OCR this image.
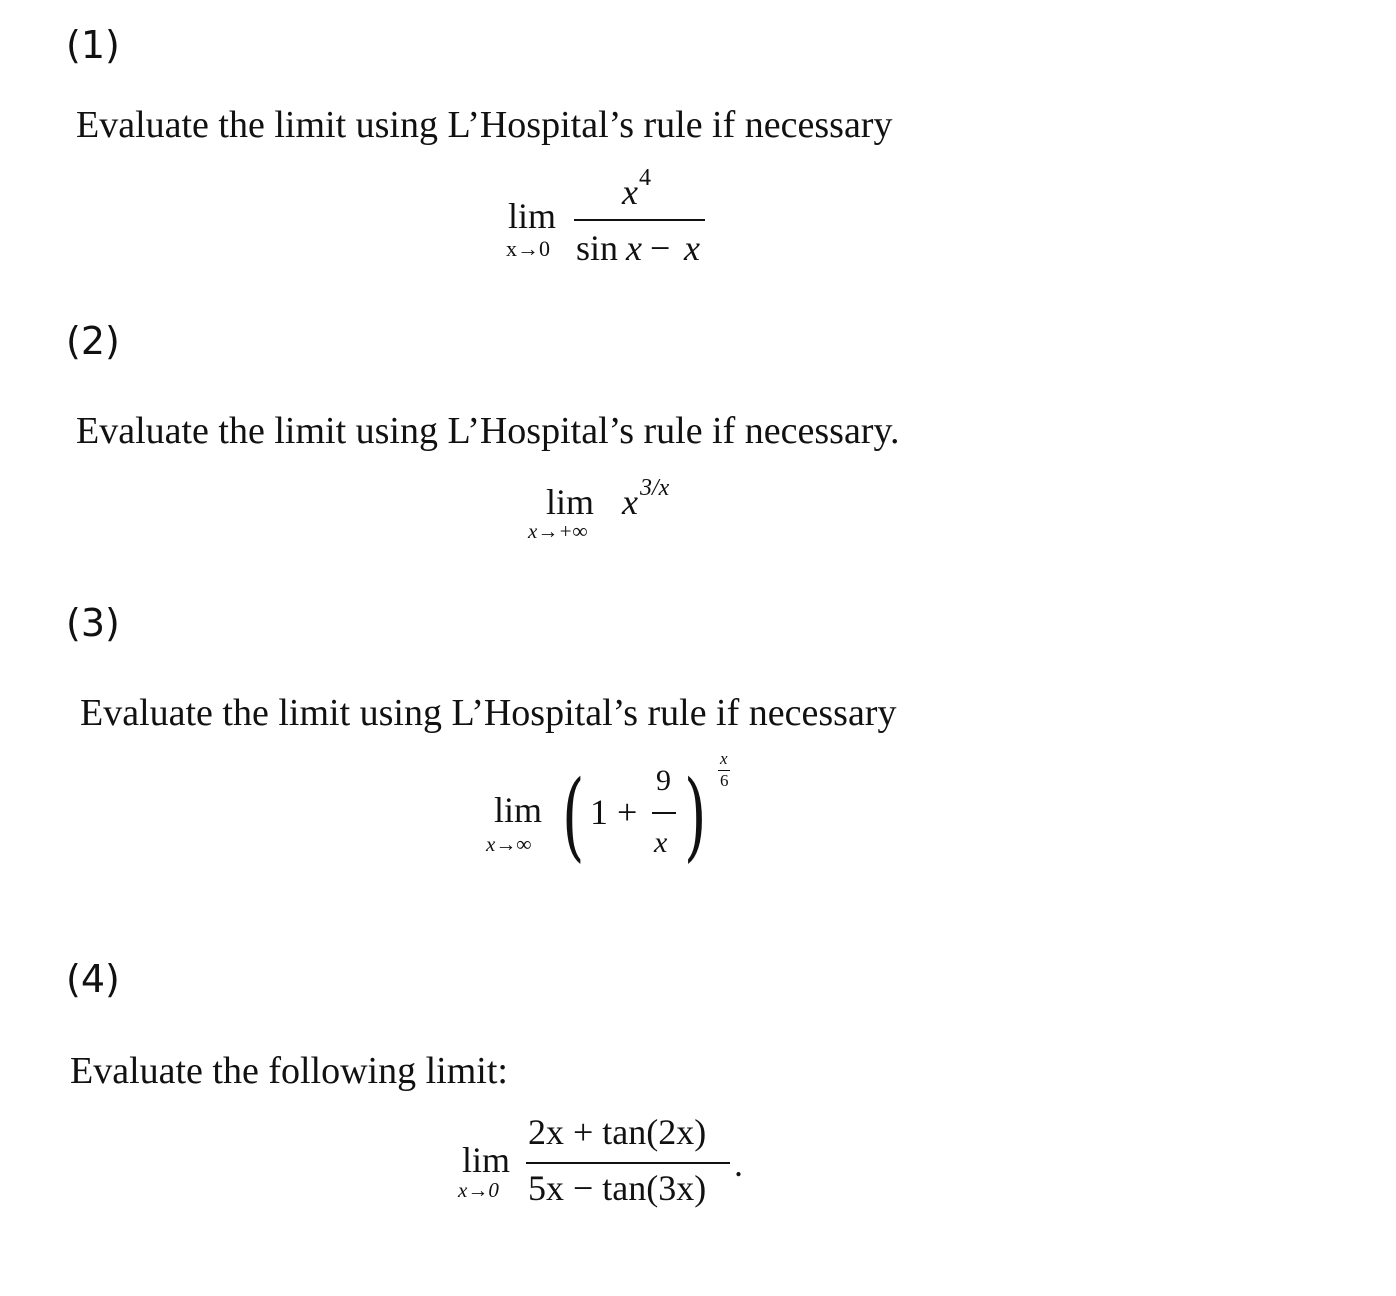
(1)
Evaluate the limit using L’Hospital’s rule if necessary
lim
x→0
x 4
sin x − x
(2)
Evaluate the limit using L’Hospital’s rule if necessary.
lim
x→+∞
x 3/x
(3)
Evaluate the limit using L’Hospital’s rule if necessary
lim
x→∞ ( 1 +
9
x )
x
6
(4)
Evaluate the following limit:
lim
x→0
2x + tan(2x)
5x − tan(3x)
.
